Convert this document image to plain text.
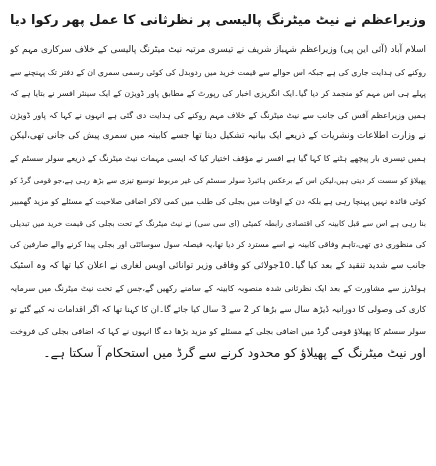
وزیراعظم نے نیٹ میٹرنگ پالیسی پر نظرثانی کا عمل پھر رکوا دیا
اسلام آباد (آئی این پی) وزیراعظم شہباز شریف نے تیسری مرتبہ نیٹ میٹرنگ پالیسی کے خلاف سرکاری مہم کو
روکنے کی ہدایت جاری کی ہے جبکہ اس حوالے سے قیمت خرید میں ردوبدل کی کوئی رسمی سمری ان کے دفتر تک پہنچنے سے
پہلے ہی اس مہم کو منجمد کر دیا گیا۔ایک انگریزی اخبار کی رپورٹ کے مطابق پاور ڈویژن کے ایک سینئر افسر نے بتایا ہے کہ
ہمیں وزیراعظم آفس کی جانب سے نیٹ میٹرنگ کے خلاف مہم روکنے کی ہدایت دی گئی ہے انہوں نے کہا کہ پاور ڈویژن
نے وزارت اطلاعات ونشریات کے ذریعے ایک بیانیہ تشکیل دینا تھا جسے کابینہ میں سمری پیش کی جانی تھی،لیکن
ہمیں تیسری بار پیچھے ہٹنے کا کہا گیا ہے افسر نے مؤقف اختیار کیا کہ ایسی مہمات نیٹ میٹرنگ کے ذریعے سولر سسٹم کے
پھیلاؤ کو سست کر دیتی ہیں،لیکن اس کے برعکس ہائبرڈ سولر سسٹم کی غیر مربوط توسیع تیزی سے بڑھ رہی ہے،جو قومی گرڈ کو
کوئی فائدہ نہیں پہنچا رہی ہے بلکہ دن کے اوقات میں بجلی کی طلب میں کمی لاکر اضافی صلاحیت کے مسئلے کو مزید گھمبیر
بنا رہی ہے اس سے قبل کابینہ کی اقتصادی رابطہ کمیٹی (ای سی سی) نے نیٹ میٹرنگ کے تحت بجلی کی قیمت خرید میں تبدیلی
کی منظوری دی تھی،تاہم وفاقی کابینہ نے اسے مسترد کر دیا تھا،یہ فیصلہ سول سوسائٹی اور بجلی پیدا کرنے والے صارفین کی
جانب سے شدید تنقید کے بعد کیا گیا۔10جولائی کو وفاقی وزیر توانائی اویس لغاری نے اعلان کیا تھا کہ وہ اسٹیک
ہولڈرز سے مشاورت کے بعد ایک نظرثانی شدہ منصوبہ کابینہ کے سامنے رکھیں گے،جس کے تحت نیٹ میٹرنگ میں سرمایہ
کاری کی وصولی کا دورانیہ ڈیڑھ سال سے بڑھا کر 2 سے 3 سال کیا جائے گا۔ان کا کہنا تھا کہ اگر اقدامات نہ کیے گئے تو
سولر سسٹم کا پھیلاؤ قومی گرڈ میں اضافی بجلی کے مسئلے کو مزید بڑھا دے گا انہوں نے کہا کہ اضافی بجلی کی فروخت
اور نیٹ میٹرنگ کے پھیلاؤ کو محدود کرنے سے گرڈ میں استحکام آ سکتا ہے۔
